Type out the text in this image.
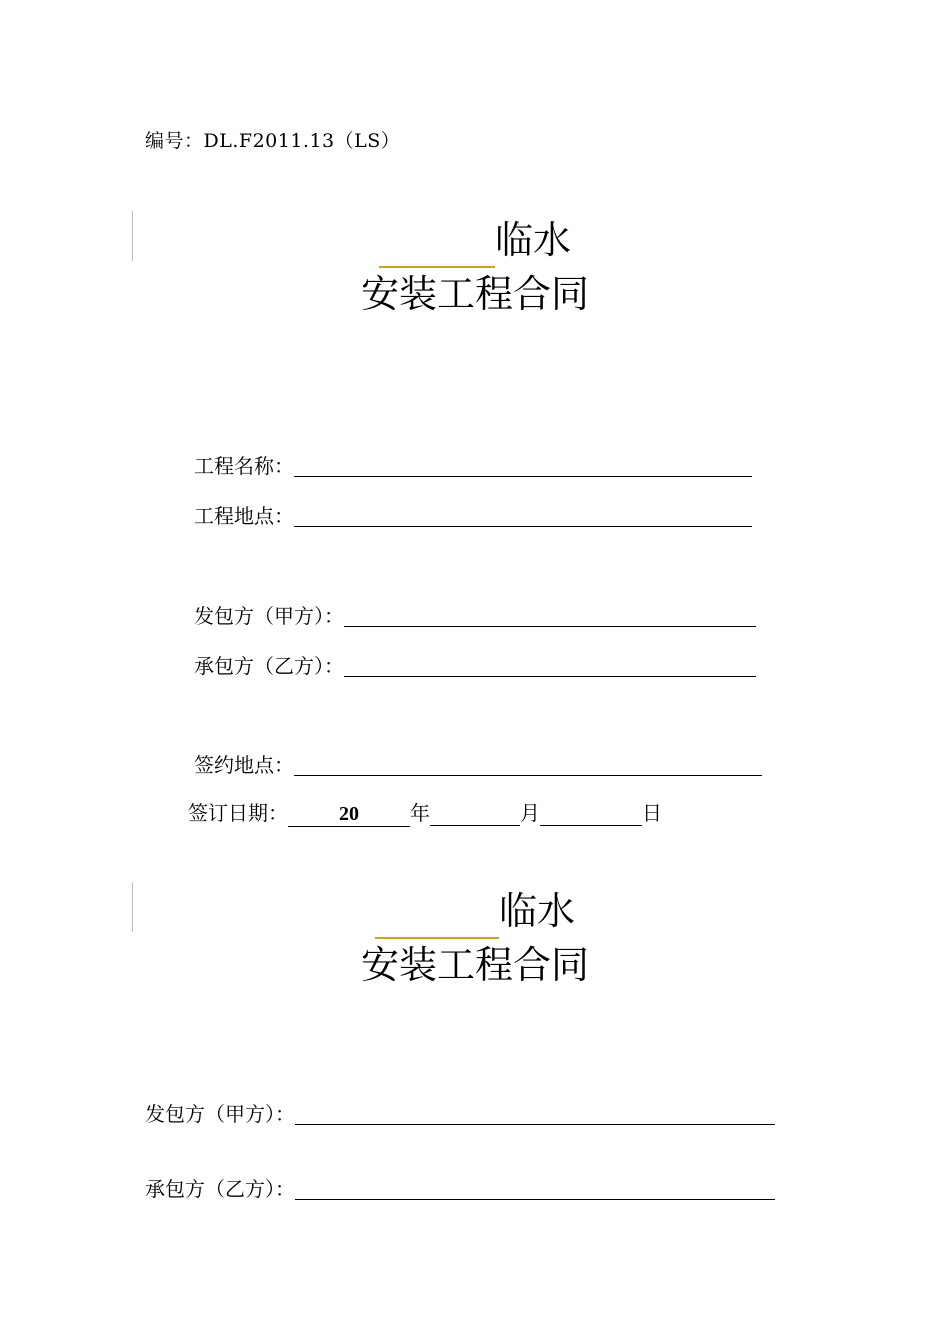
编号：DL.F2011.13（LS）
临水
安装工程合同
工程名称：
工程地点：
发包方（甲方）：
承包方（乙方）：
签约地点：
签订日期：	20	年	月	日
临水
安装工程合同
发包方（甲方）：
承包方（乙方）：
